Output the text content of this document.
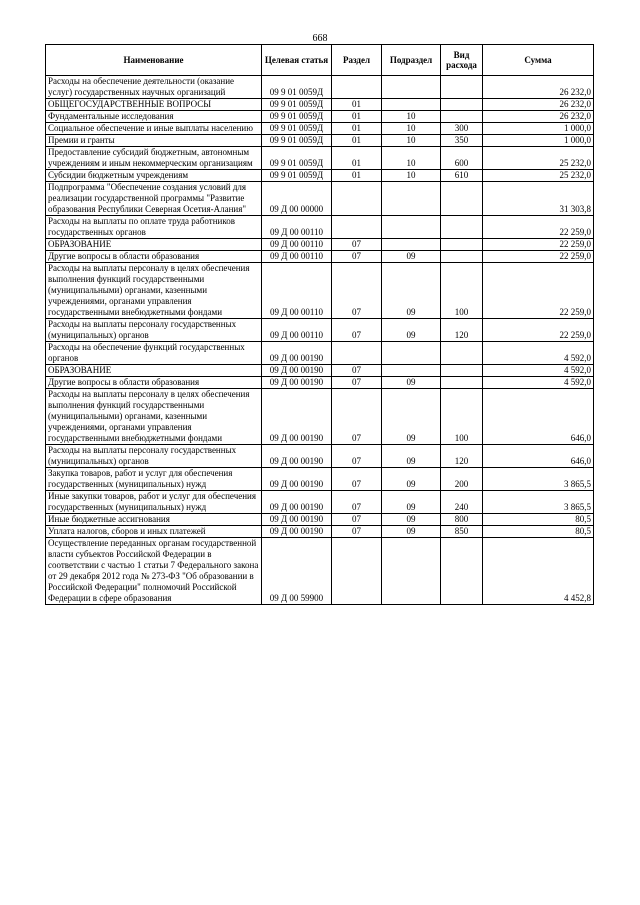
668
Наименование	Целевая статья	Раздел	Подраздел	Вид расхода	Сумма
Расходы на обеспечение деятельности (оказание услуг) государственных научных организаций	09 9 01 0059Д				26 232,0
ОБЩЕГОСУДАРСТВЕННЫЕ ВОПРОСЫ	09 9 01 0059Д	01			26 232,0
Фундаментальные исследования	09 9 01 0059Д	01	10		26 232,0
Социальное обеспечение и иные выплаты населению	09 9 01 0059Д	01	10	300	1 000,0
Премии и гранты	09 9 01 0059Д	01	10	350	1 000,0
Предоставление субсидий бюджетным, автономным учреждениям и иным некоммерческим организациям	09 9 01 0059Д	01	10	600	25 232,0
Субсидии бюджетным учреждениям	09 9 01 0059Д	01	10	610	25 232,0
Подпрограмма "Обеспечение создания условий для реализации государственной программы "Развитие образования Республики Северная Осетия-Алания"	09 Д 00 00000				31 303,8
Расходы на выплаты по оплате труда работников государственных органов	09 Д 00 00110				22 259,0
ОБРАЗОВАНИЕ	09 Д 00 00110	07			22 259,0
Другие вопросы в области образования	09 Д 00 00110	07	09		22 259,0
Расходы на выплаты персоналу в целях обеспечения выполнения функций государственными (муниципальными) органами, казенными учреждениями, органами управления государственными внебюджетными фондами	09 Д 00 00110	07	09	100	22 259,0
Расходы на выплаты персоналу государственных (муниципальных) органов	09 Д 00 00110	07	09	120	22 259,0
Расходы на обеспечение функций государственных органов	09 Д 00 00190				4 592,0
ОБРАЗОВАНИЕ	09 Д 00 00190	07			4 592,0
Другие вопросы в области образования	09 Д 00 00190	07	09		4 592,0
Расходы на выплаты персоналу в целях обеспечения выполнения функций государственными (муниципальными) органами, казенными учреждениями, органами управления государственными внебюджетными фондами	09 Д 00 00190	07	09	100	646,0
Расходы на выплаты персоналу государственных (муниципальных) органов	09 Д 00 00190	07	09	120	646,0
Закупка товаров, работ и услуг для обеспечения государственных (муниципальных) нужд	09 Д 00 00190	07	09	200	3 865,5
Иные закупки товаров, работ и услуг для обеспечения государственных (муниципальных) нужд	09 Д 00 00190	07	09	240	3 865,5
Иные бюджетные ассигнования	09 Д 00 00190	07	09	800	80,5
Уплата налогов, сборов и иных платежей	09 Д 00 00190	07	09	850	80,5
Осуществление переданных органам государственной власти субъектов Российской Федерации в соответствии с частью 1 статьи 7 Федерального закона от 29 декабря 2012 года № 273-ФЗ "Об образовании в Российской Федерации" полномочий Российской Федерации в сфере образования	09 Д 00 59900				4 452,8
